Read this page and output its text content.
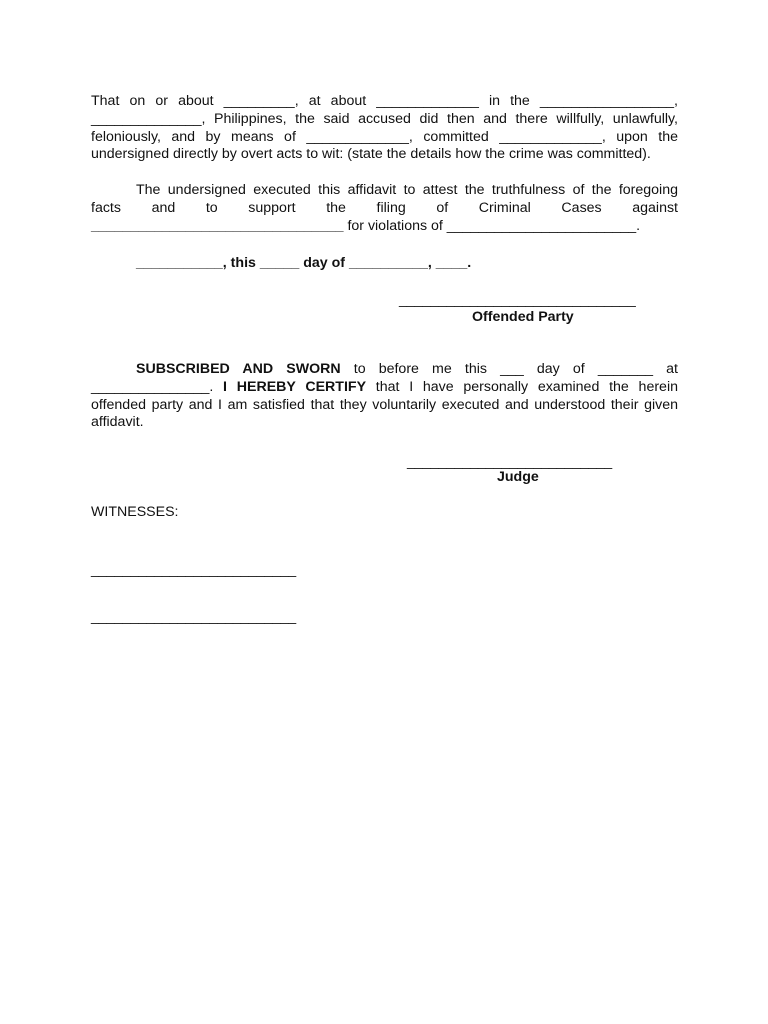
That on or about _________, at about _____________ in the _________________, ______________, Philippines, the said accused did then and there willfully, unlawfully, feloniously, and by means of _____________, committed _____________, upon the undersigned directly by overt acts to wit: (state the details how the crime was committed).

The undersigned executed this affidavit to attest the truthfulness of the foregoing
facts and to support the filing of Criminal Cases against
________________________________ for violations of ________________________.

___________, this _____ day of __________, ____.

______________________________

Offended Party

SUBSCRIBED AND SWORN to before me this ___ day of _______ at _______________. I HEREBY CERTIFY that I have personally examined the herein offended party and I am satisfied that they voluntarily executed and understood their given affidavit.

__________________________

Judge

WITNESSES:

__________________________

__________________________
